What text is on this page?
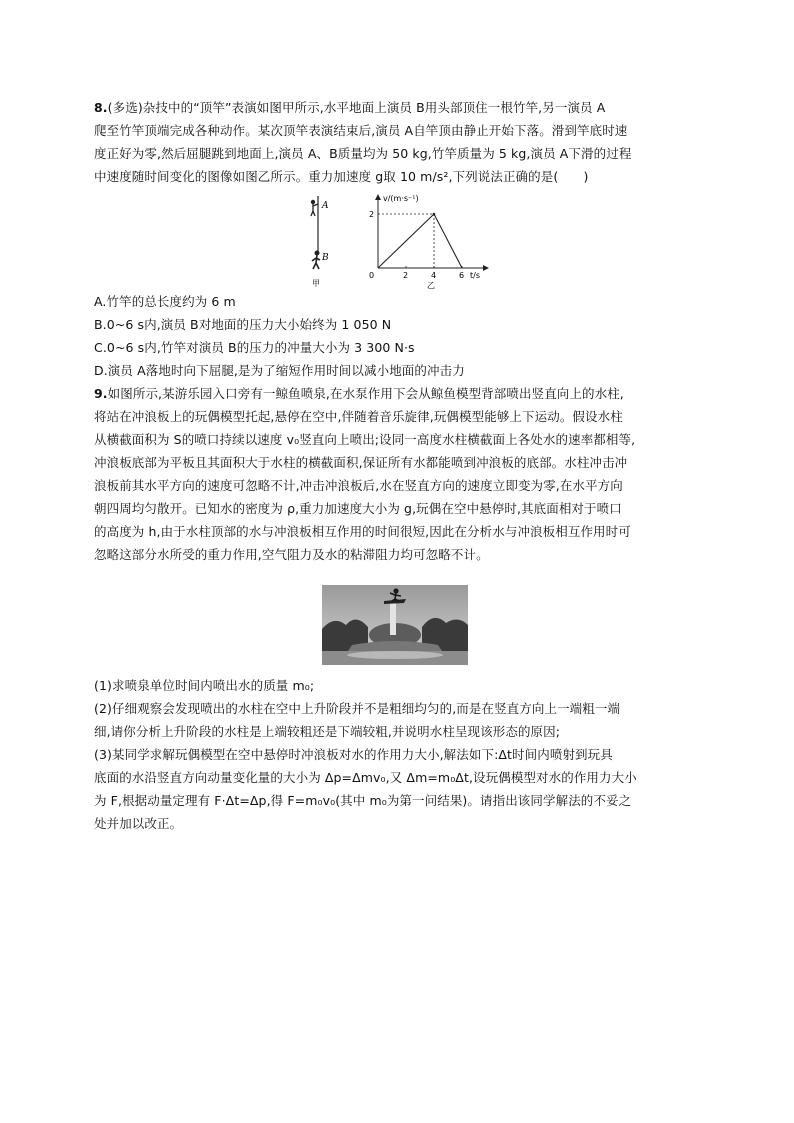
8.(多选)杂技中的“顶竿”表演如图甲所示,水平地面上演员 B用头部顶住一根竹竿,另一演员 A
爬至竹竿顶端完成各种动作。某次顶竿表演结束后,演员 A自竿顶由静止开始下落。滑到竿底时速
度正好为零,然后屈腿跳到地面上,演员 A、B质量均为 50 kg,竹竿质量为 5 kg,演员 A下滑的过程
中速度随时间变化的图像如图乙所示。重力加速度 g取 10 m/s²,下列说法正确的是(　　)
A
B
甲
v/(m·s⁻¹)
t/s
0	2	4	6
2
乙
A.竹竿的总长度约为 6 m
B.0~6 s内,演员 B对地面的压力大小始终为 1 050 N
C.0~6 s内,竹竿对演员 B的压力的冲量大小为 3 300 N·s
D.演员 A落地时向下屈腿,是为了缩短作用时间以减小地面的冲击力
9.如图所示,某游乐园入口旁有一鲸鱼喷泉,在水泵作用下会从鲸鱼模型背部喷出竖直向上的水柱,
将站在冲浪板上的玩偶模型托起,悬停在空中,伴随着音乐旋律,玩偶模型能够上下运动。假设水柱
从横截面积为 S的喷口持续以速度 v₀竖直向上喷出;设同一高度水柱横截面上各处水的速率都相等,
冲浪板底部为平板且其面积大于水柱的横截面积,保证所有水都能喷到冲浪板的底部。水柱冲击冲
浪板前其水平方向的速度可忽略不计,冲击冲浪板后,水在竖直方向的速度立即变为零,在水平方向
朝四周均匀散开。已知水的密度为 ρ,重力加速度大小为 g,玩偶在空中悬停时,其底面相对于喷口
的高度为 h,由于水柱顶部的水与冲浪板相互作用的时间很短,因此在分析水与冲浪板相互作用时可
忽略这部分水所受的重力作用,空气阻力及水的粘滞阻力均可忽略不计。
(1)求喷泉单位时间内喷出水的质量 m₀;
(2)仔细观察会发现喷出的水柱在空中上升阶段并不是粗细均匀的,而是在竖直方向上一端粗一端
细,请你分析上升阶段的水柱是上端较粗还是下端较粗,并说明水柱呈现该形态的原因;
(3)某同学求解玩偶模型在空中悬停时冲浪板对水的作用力大小,解法如下:Δt时间内喷射到玩具
底面的水沿竖直方向动量变化量的大小为 Δp=Δmv₀,又 Δm=m₀Δt,设玩偶模型对水的作用力大小
为 F,根据动量定理有 F·Δt=Δp,得 F=m₀v₀(其中 m₀为第一问结果)。请指出该同学解法的不妥之
处并加以改正。
